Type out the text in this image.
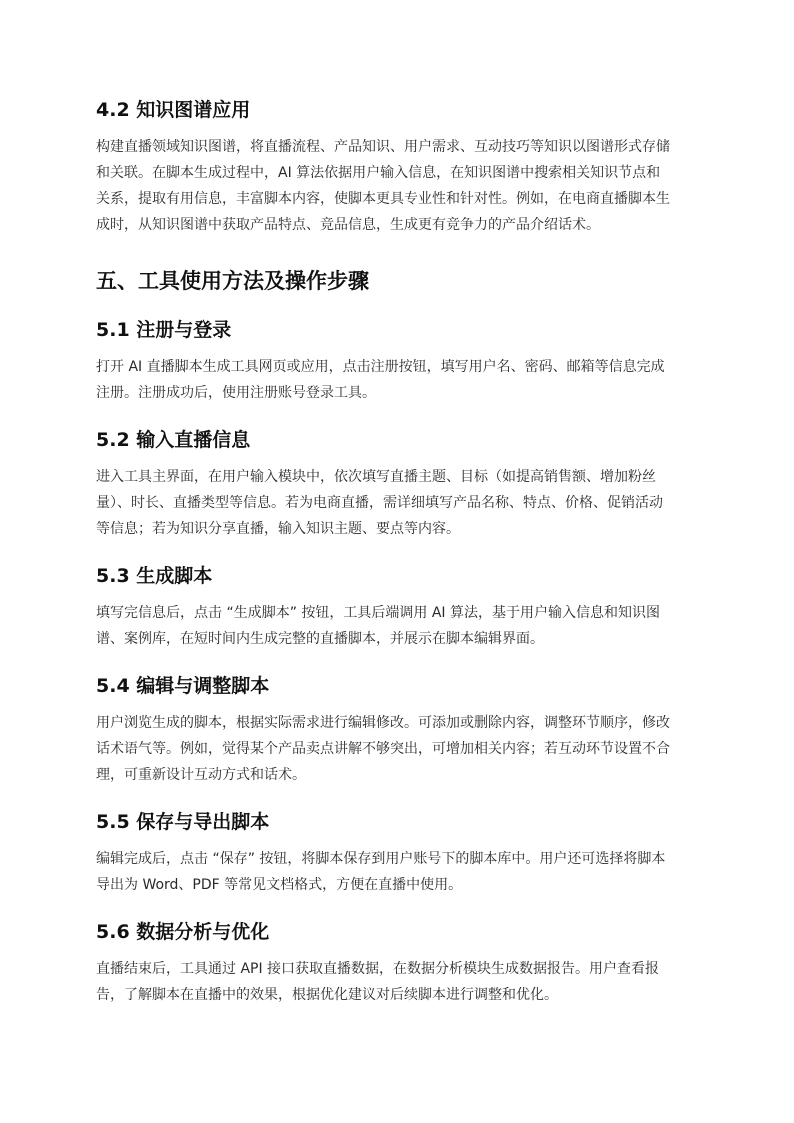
4.2 知识图谱应用

构建直播领域知识图谱，将直播流程、产品知识、用户需求、互动技巧等知识以图谱形式存储

和关联。在脚本生成过程中，AI 算法依据用户输入信息，在知识图谱中搜索相关知识节点和

关系，提取有用信息，丰富脚本内容，使脚本更具专业性和针对性。例如，在电商直播脚本生

成时，从知识图谱中获取产品特点、竞品信息，生成更有竞争力的产品介绍话术。

五、工具使用方法及操作步骤
5.1 注册与登录

打开 AI 直播脚本生成工具网页或应用，点击注册按钮，填写用户名、密码、邮箱等信息完成

注册。注册成功后，使用注册账号登录工具。

5.2 输入直播信息

进入工具主界面，在用户输入模块中，依次填写直播主题、目标（如提高销售额、增加粉丝

量）、时长、直播类型等信息。若为电商直播，需详细填写产品名称、特点、价格、促销活动

等信息；若为知识分享直播，输入知识主题、要点等内容。

5.3 生成脚本

填写完信息后，点击 “生成脚本” 按钮，工具后端调用 AI 算法，基于用户输入信息和知识图

谱、案例库，在短时间内生成完整的直播脚本，并展示在脚本编辑界面。

5.4 编辑与调整脚本

用户浏览生成的脚本，根据实际需求进行编辑修改。可添加或删除内容，调整环节顺序，修改

话术语气等。例如，觉得某个产品卖点讲解不够突出，可增加相关内容；若互动环节设置不合

理，可重新设计互动方式和话术。

5.5 保存与导出脚本

编辑完成后，点击 “保存” 按钮，将脚本保存到用户账号下的脚本库中。用户还可选择将脚本

导出为 Word、PDF 等常见文档格式，方便在直播中使用。

5.6 数据分析与优化

直播结束后，工具通过 API 接口获取直播数据，在数据分析模块生成数据报告。用户查看报

告，了解脚本在直播中的效果，根据优化建议对后续脚本进行调整和优化。
